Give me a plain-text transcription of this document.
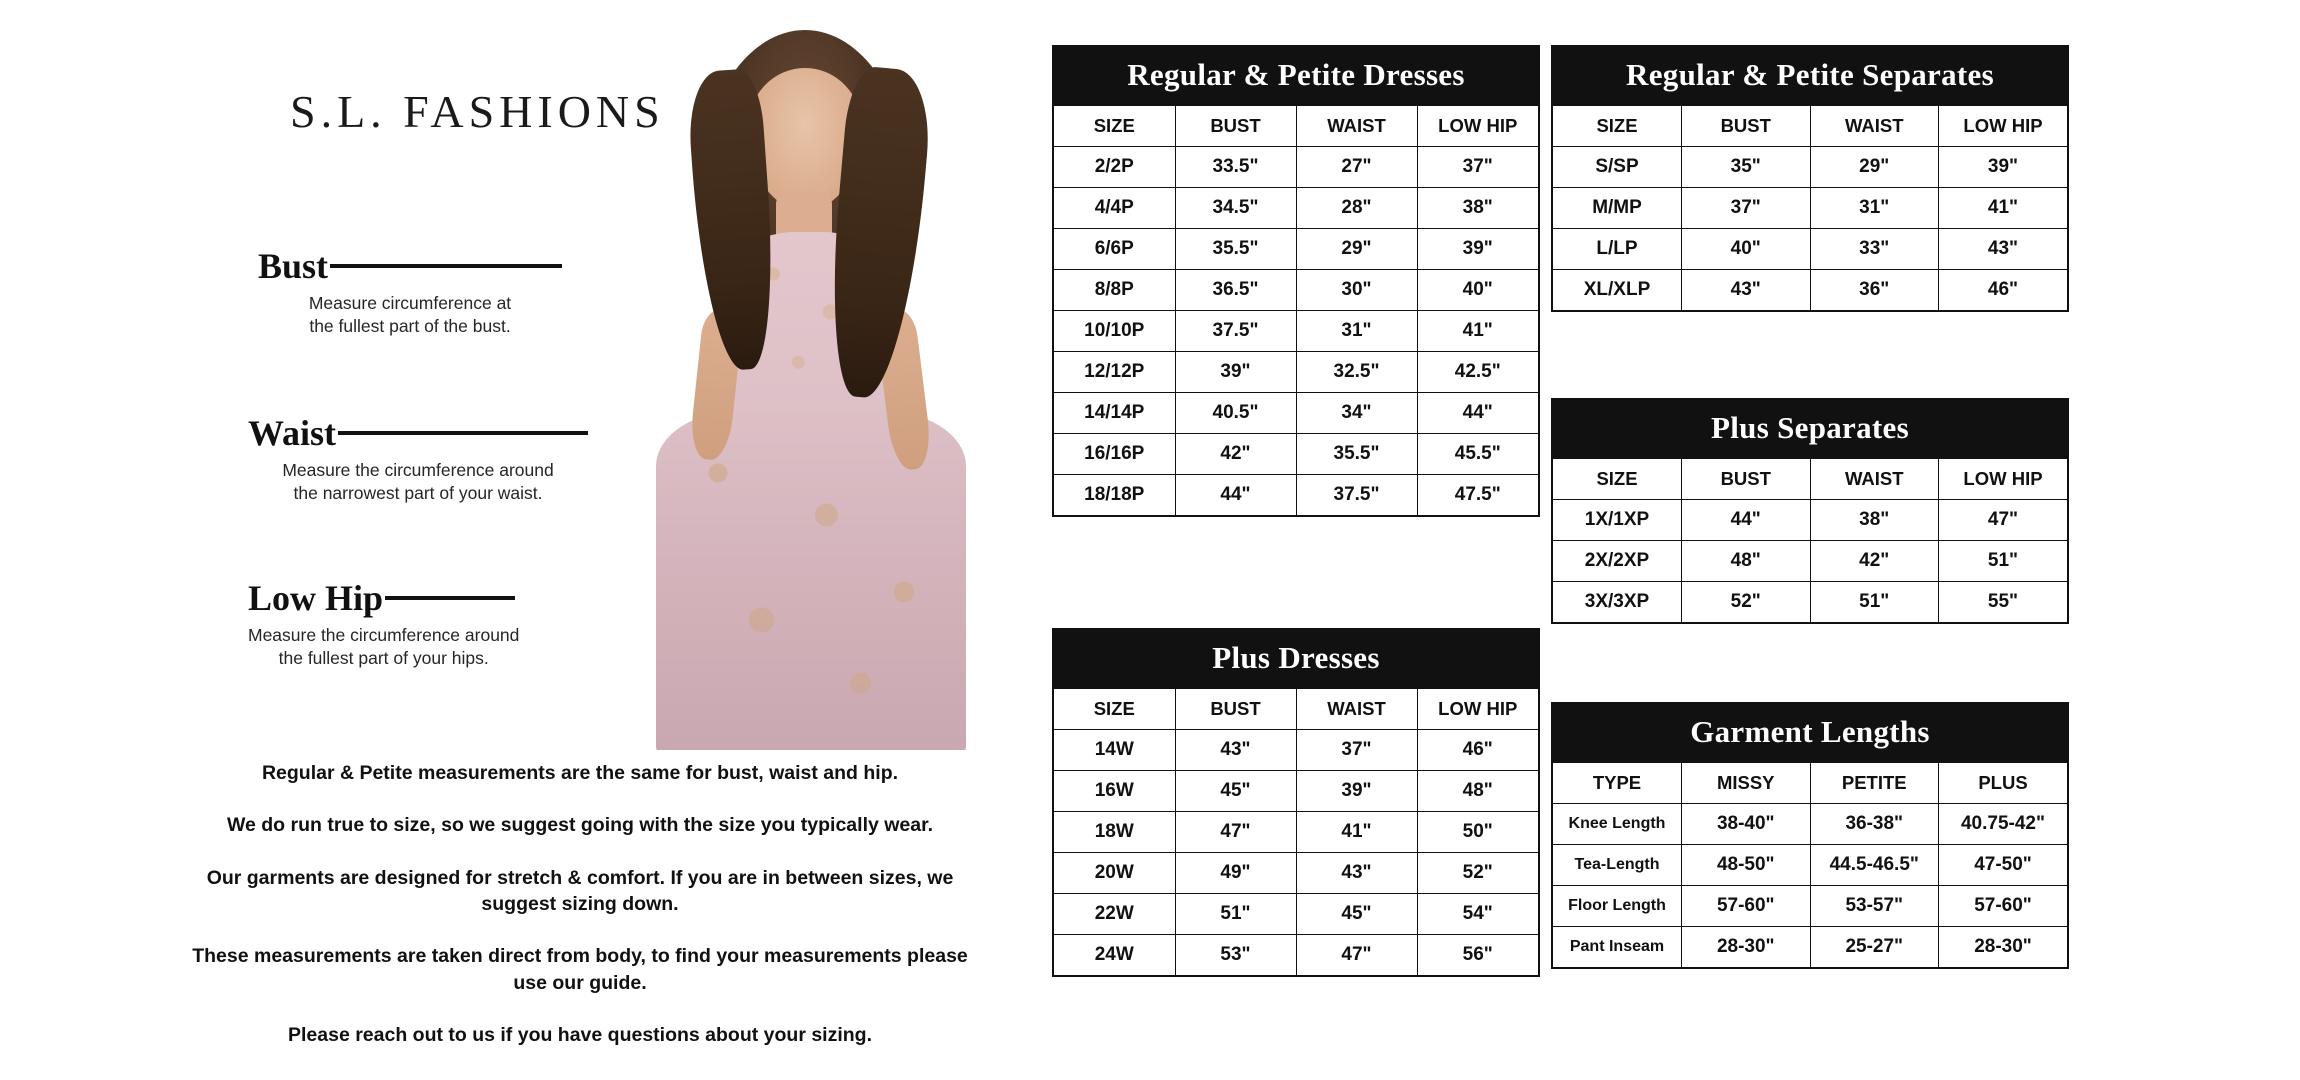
S.L. FASHIONS
Bust
Measure circumference at
the fullest part of the bust.
Waist
Measure the circumference around
the narrowest part of your waist.
Low Hip
Measure the circumference around
the fullest part of your hips.

Regular & Petite measurements are the same for bust, waist and hip.

We do run true to size, so we suggest going with the size you typically wear.

Our garments are designed for stretch & comfort. If you are in between sizes, we suggest sizing down.

These measurements are taken direct from body, to find your measurements please use our guide.

Please reach out to us if you have questions about your sizing.

Regular & Petite Dresses
SIZE	BUST	WAIST	LOW HIP
2/2P	33.5"	27"	37"
4/4P	34.5"	28"	38"
6/6P	35.5"	29"	39"
8/8P	36.5"	30"	40"
10/10P	37.5"	31"	41"
12/12P	39"	32.5"	42.5"
14/14P	40.5"	34"	44"
16/16P	42"	35.5"	45.5"
18/18P	44"	37.5"	47.5"
Plus Dresses
SIZE	BUST	WAIST	LOW HIP
14W	43"	37"	46"
16W	45"	39"	48"
18W	47"	41"	50"
20W	49"	43"	52"
22W	51"	45"	54"
24W	53"	47"	56"
Regular & Petite Separates
SIZE	BUST	WAIST	LOW HIP
S/SP	35"	29"	39"
M/MP	37"	31"	41"
L/LP	40"	33"	43"
XL/XLP	43"	36"	46"
Plus Separates
SIZE	BUST	WAIST	LOW HIP
1X/1XP	44"	38"	47"
2X/2XP	48"	42"	51"
3X/3XP	52"	51"	55"
Garment Lengths
TYPE	MISSY	PETITE	PLUS
Knee Length	38-40"	36-38"	40.75-42"
Tea-Length	48-50"	44.5-46.5"	47-50"
Floor Length	57-60"	53-57"	57-60"
Pant Inseam	28-30"	25-27"	28-30"
